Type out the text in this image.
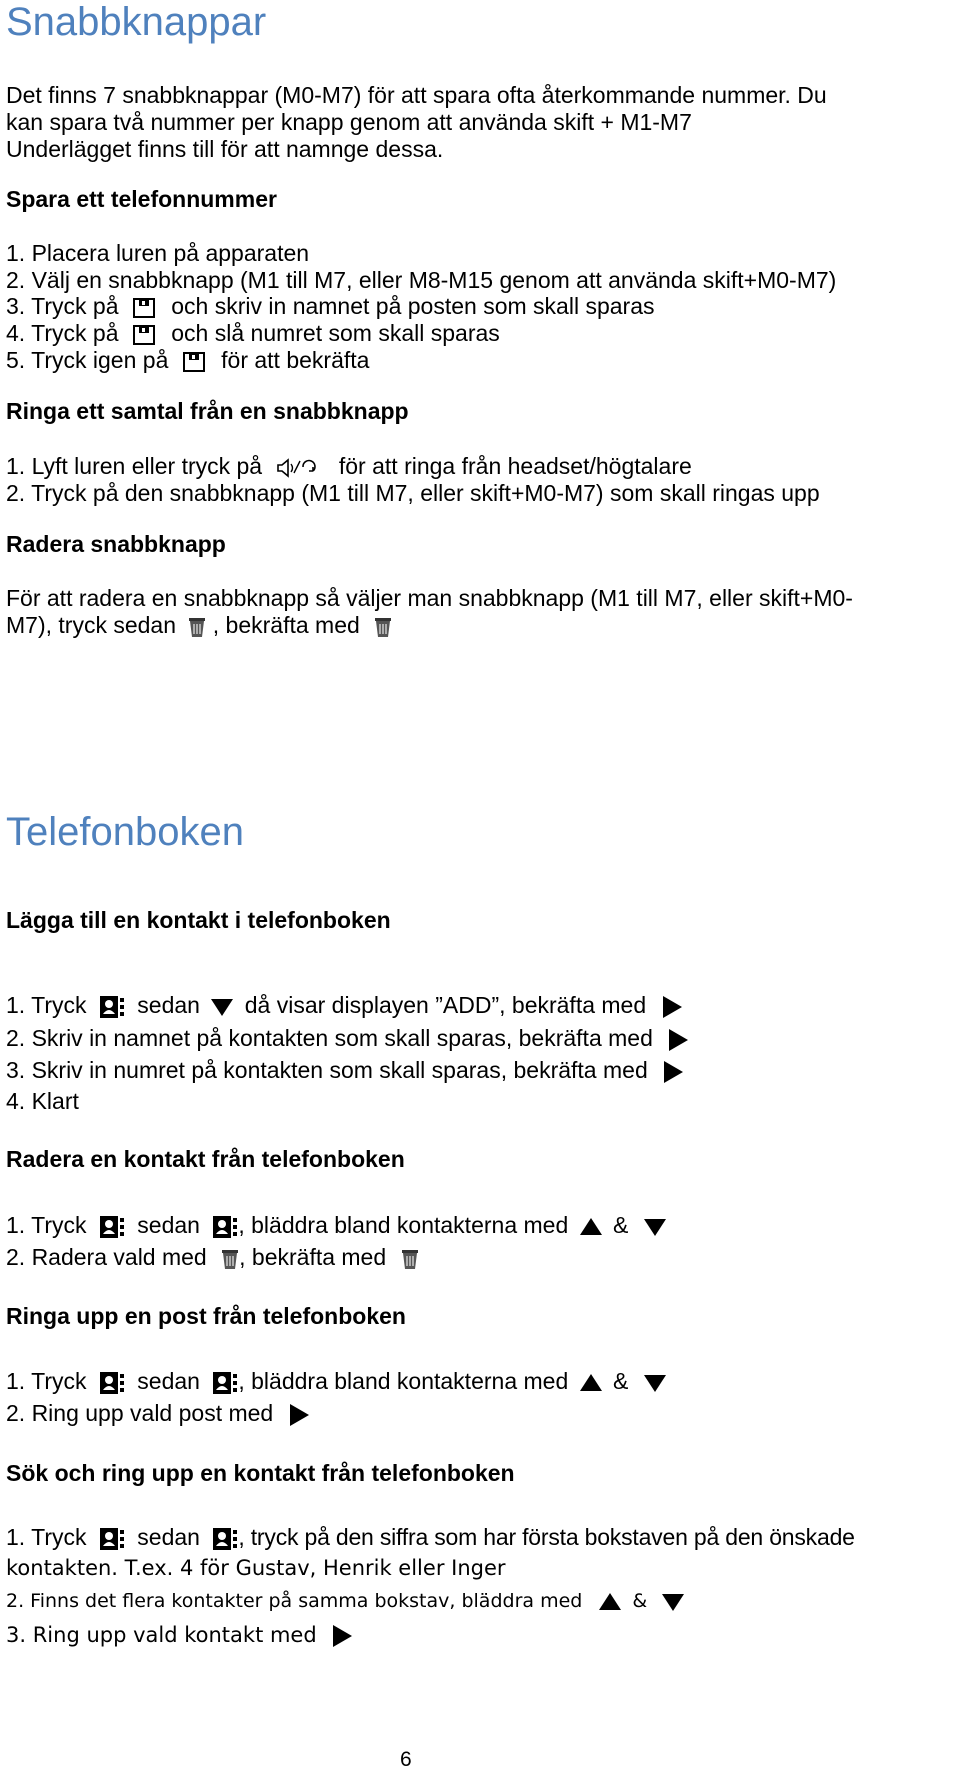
Snabbknappar
Det finns 7 snabbknappar (M0-M7) för att spara ofta återkommande nummer. Du
kan spara två nummer per knapp genom att använda skift + M1-M7
Underlägget finns till för att namnge dessa.
Spara ett telefonnummer
1. Placera luren på apparaten
2. Välj en snabbknapp (M1 till M7, eller M8-M15 genom att använda skift+M0-M7)
3. Tryck på och skriv in namnet på posten som skall sparas
4. Tryck på och slå numret som skall sparas
5. Tryck igen på för att bekräfta
Ringa ett samtal från en snabbknapp
1. Lyft luren eller tryck på	för att ringa från headset/högtalare
2. Tryck på den snabbknapp (M1 till M7, eller skift+M0-M7) som skall ringas upp
Radera snabbknapp
För att radera en snabbknapp så väljer man snabbknapp (M1 till M7, eller skift+M0-
M7), tryck sedan , bekräfta med
Telefonboken
Lägga till en kontakt i telefonboken
1. Tryck sedan då visar displayen ”ADD”, bekräfta med
2. Skriv in namnet på kontakten som skall sparas, bekräfta med
3. Skriv in numret på kontakten som skall sparas, bekräfta med
4. Klart
Radera en kontakt från telefonboken
1. Tryck sedan , bläddra bland kontakterna med &
2. Radera vald med , bekräfta med
Ringa upp en post från telefonboken
1. Tryck sedan , bläddra bland kontakterna med &
2. Ring upp vald post med
Sök och ring upp en kontakt från telefonboken
1. Tryck sedan , tryck på den siffra som har första bokstaven på den önskade
kontakten. T.ex. 4 för Gustav, Henrik eller Inger
2. Finns det flera kontakter på samma bokstav, bläddra med	&
3. Ring upp vald kontakt med
6
